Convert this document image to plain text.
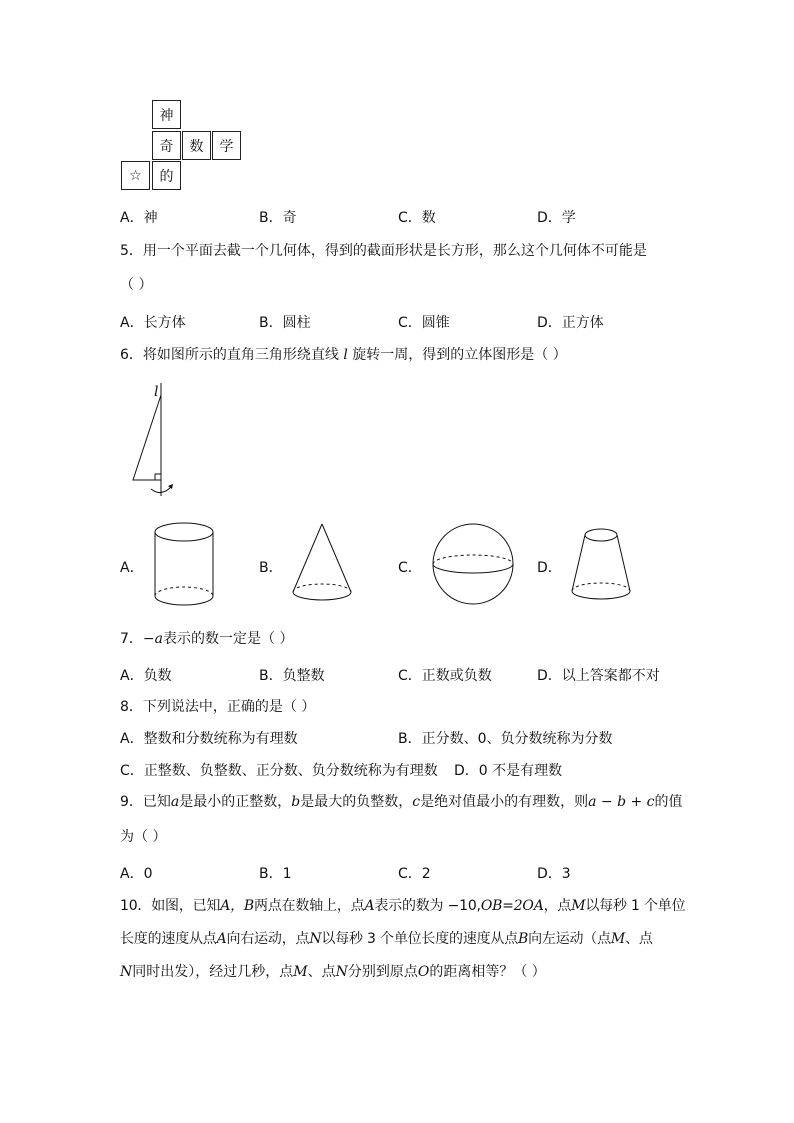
神
奇	数	学
☆	的
A．神	B．奇	C．数	D．学
5．用一个平面去截一个几何体，得到的截面形状是长方形，那么这个几何体不可能是
（ ）
A．长方体	B．圆柱	C．圆锥	D．正方体
6．将如图所示的直角三角形绕直线 l 旋转一周，得到的立体图形是（ ）
l
A．	B．	C．	D．
7．−a表示的数一定是（ ）
A．负数	B．负整数	C．正数或负数	D．以上答案都不对
8．下列说法中，正确的是（ ）
A．整数和分数统称为有理数	B．正分数、0、负分数统称为分数
C．正整数、负整数、正分数、负分数统称为有理数 D．0 不是有理数
9．已知a是最小的正整数，b是最大的负整数，c是绝对值最小的有理数，则a − b + c的值
为（ ）
A．0	B．1	C．2	D．3
10．如图，已知A，B两点在数轴上，点A表示的数为 −10,OB=2OA，点M以每秒 1 个单位
长度的速度从点A向右运动，点N以每秒 3 个单位长度的速度从点B向左运动（点M、点
N同时出发），经过几秒，点M、点N分别到原点O的距离相等？（ ）
